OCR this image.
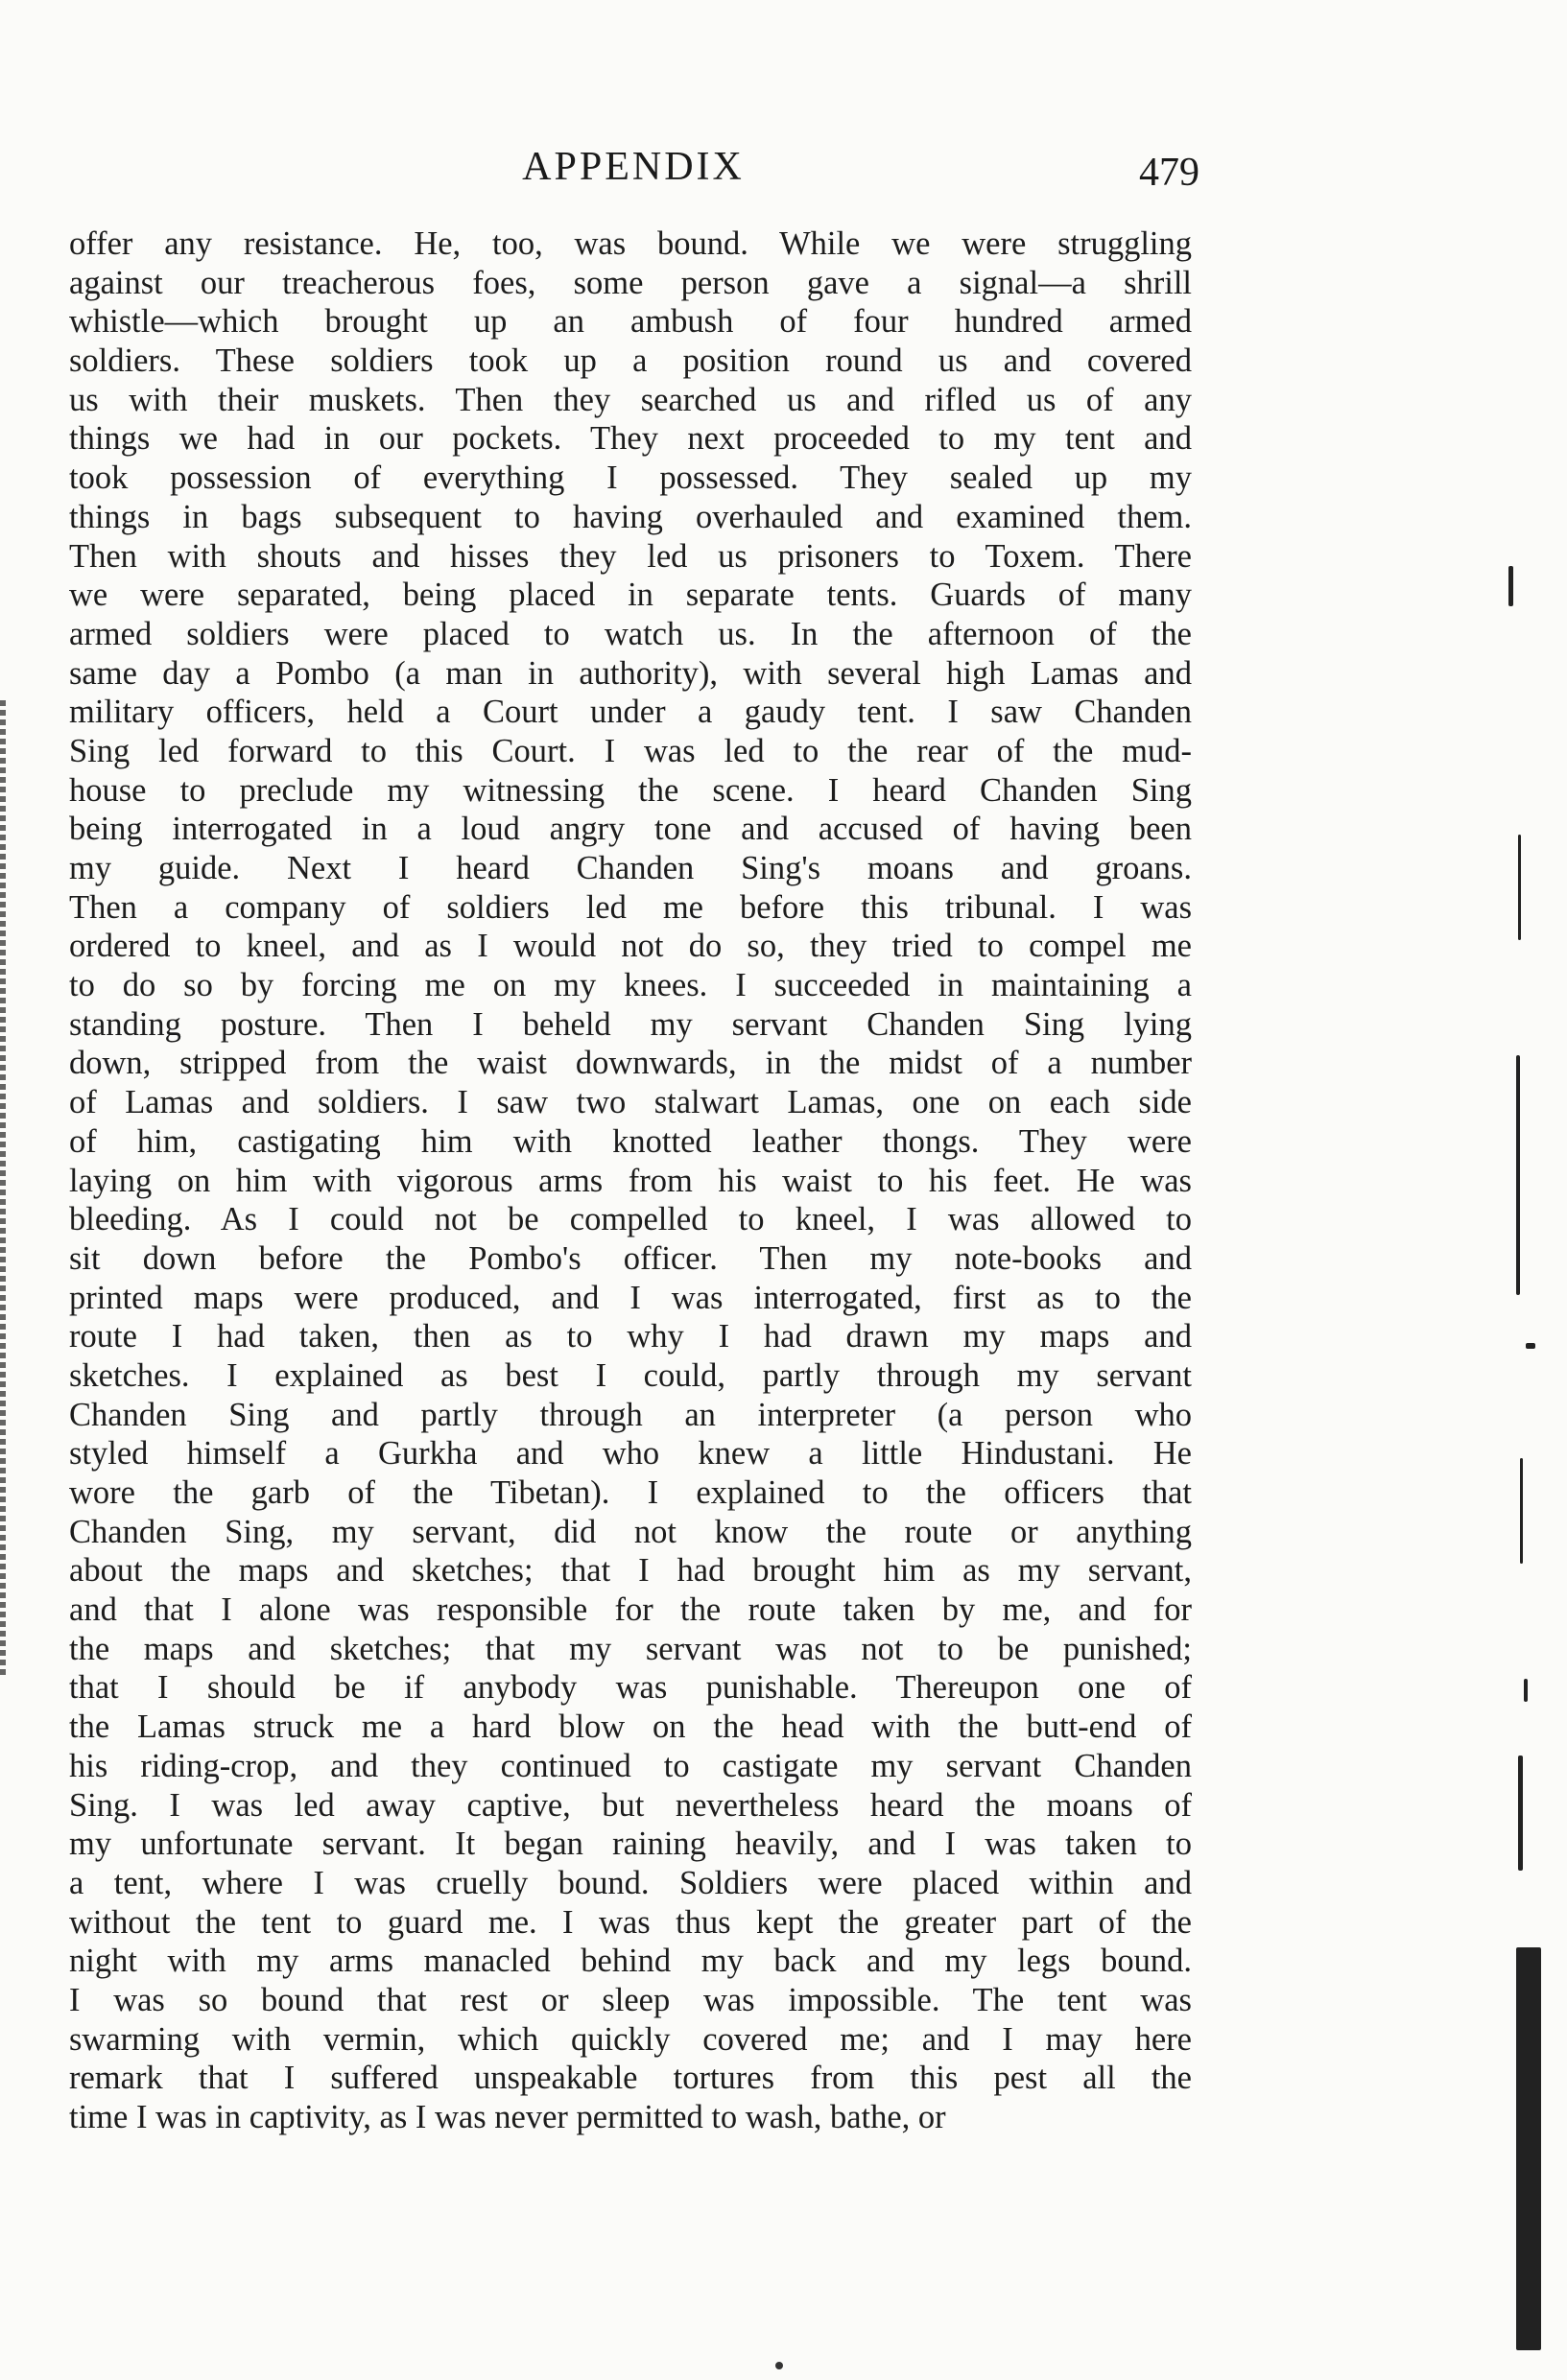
APPENDIX	479
offer any resistance. He, too, was bound. While we were struggling
against our treacherous foes, some person gave a signal—a shrill
whistle—which brought up an ambush of four hundred armed
soldiers. These soldiers took up a position round us and covered
us with their muskets. Then they searched us and rifled us of any
things we had in our pockets. They next proceeded to my tent and
took possession of everything I possessed. They sealed up my
things in bags subsequent to having overhauled and examined them.
Then with shouts and hisses they led us prisoners to Toxem. There
we were separated, being placed in separate tents. Guards of many
armed soldiers were placed to watch us. In the afternoon of the
same day a Pombo (a man in authority), with several high Lamas and
military officers, held a Court under a gaudy tent. I saw Chanden
Sing led forward to this Court. I was led to the rear of the mud-
house to preclude my witnessing the scene. I heard Chanden Sing
being interrogated in a loud angry tone and accused of having been
my guide. Next I heard Chanden Sing's moans and groans.
Then a company of soldiers led me before this tribunal. I was
ordered to kneel, and as I would not do so, they tried to compel me
to do so by forcing me on my knees. I succeeded in maintaining a
standing posture. Then I beheld my servant Chanden Sing lying
down, stripped from the waist downwards, in the midst of a number
of Lamas and soldiers. I saw two stalwart Lamas, one on each side
of him, castigating him with knotted leather thongs. They were
laying on him with vigorous arms from his waist to his feet. He was
bleeding. As I could not be compelled to kneel, I was allowed to
sit down before the Pombo's officer. Then my note-books and
printed maps were produced, and I was interrogated, first as to the
route I had taken, then as to why I had drawn my maps and
sketches. I explained as best I could, partly through my servant
Chanden Sing and partly through an interpreter (a person who
styled himself a Gurkha and who knew a little Hindustani. He
wore the garb of the Tibetan). I explained to the officers that
Chanden Sing, my servant, did not know the route or anything
about the maps and sketches; that I had brought him as my servant,
and that I alone was responsible for the route taken by me, and for
the maps and sketches; that my servant was not to be punished;
that I should be if anybody was punishable. Thereupon one of
the Lamas struck me a hard blow on the head with the butt-end of
his riding-crop, and they continued to castigate my servant Chanden
Sing. I was led away captive, but nevertheless heard the moans of
my unfortunate servant. It began raining heavily, and I was taken to
a tent, where I was cruelly bound. Soldiers were placed within and
without the tent to guard me. I was thus kept the greater part of the
night with my arms manacled behind my back and my legs bound.
I was so bound that rest or sleep was impossible. The tent was
swarming with vermin, which quickly covered me; and I may here
remark that I suffered unspeakable tortures from this pest all the
time I was in captivity, as I was never permitted to wash, bathe, or
